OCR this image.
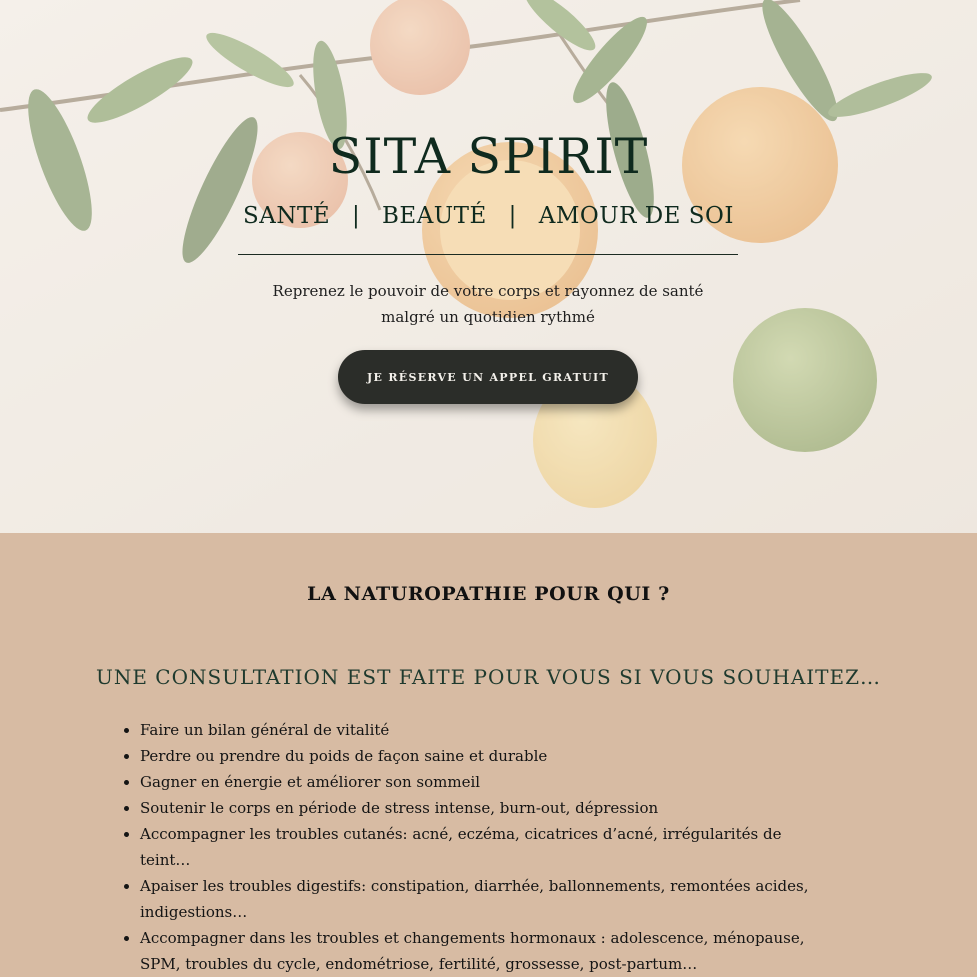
SITA SPIRIT
SANTÉ | BEAUTÉ | AMOUR DE SOI
Reprenez le pouvoir de votre corps et rayonnez de santé
malgré un quotidien rythmé
JE RÉSERVE UN APPEL GRATUIT
LA NATUROPATHIE POUR QUI ?
UNE CONSULTATION EST FAITE POUR VOUS SI VOUS SOUHAITEZ…
• Faire un bilan général de vitalité
• Perdre ou prendre du poids de façon saine et durable
• Gagner en énergie et améliorer son sommeil
• Soutenir le corps en période de stress intense, burn-out, dépression
• Accompagner les troubles cutanés: acné, eczéma, cicatrices d’acné, irrégularités de teint…
• Apaiser les troubles digestifs: constipation, diarrhée, ballonnements, remontées acides, indigestions…
• Accompagner dans les troubles et changements hormonaux : adolescence, ménopause, SPM, troubles du cycle, endométriose, fertilité, grossesse, post-partum…
